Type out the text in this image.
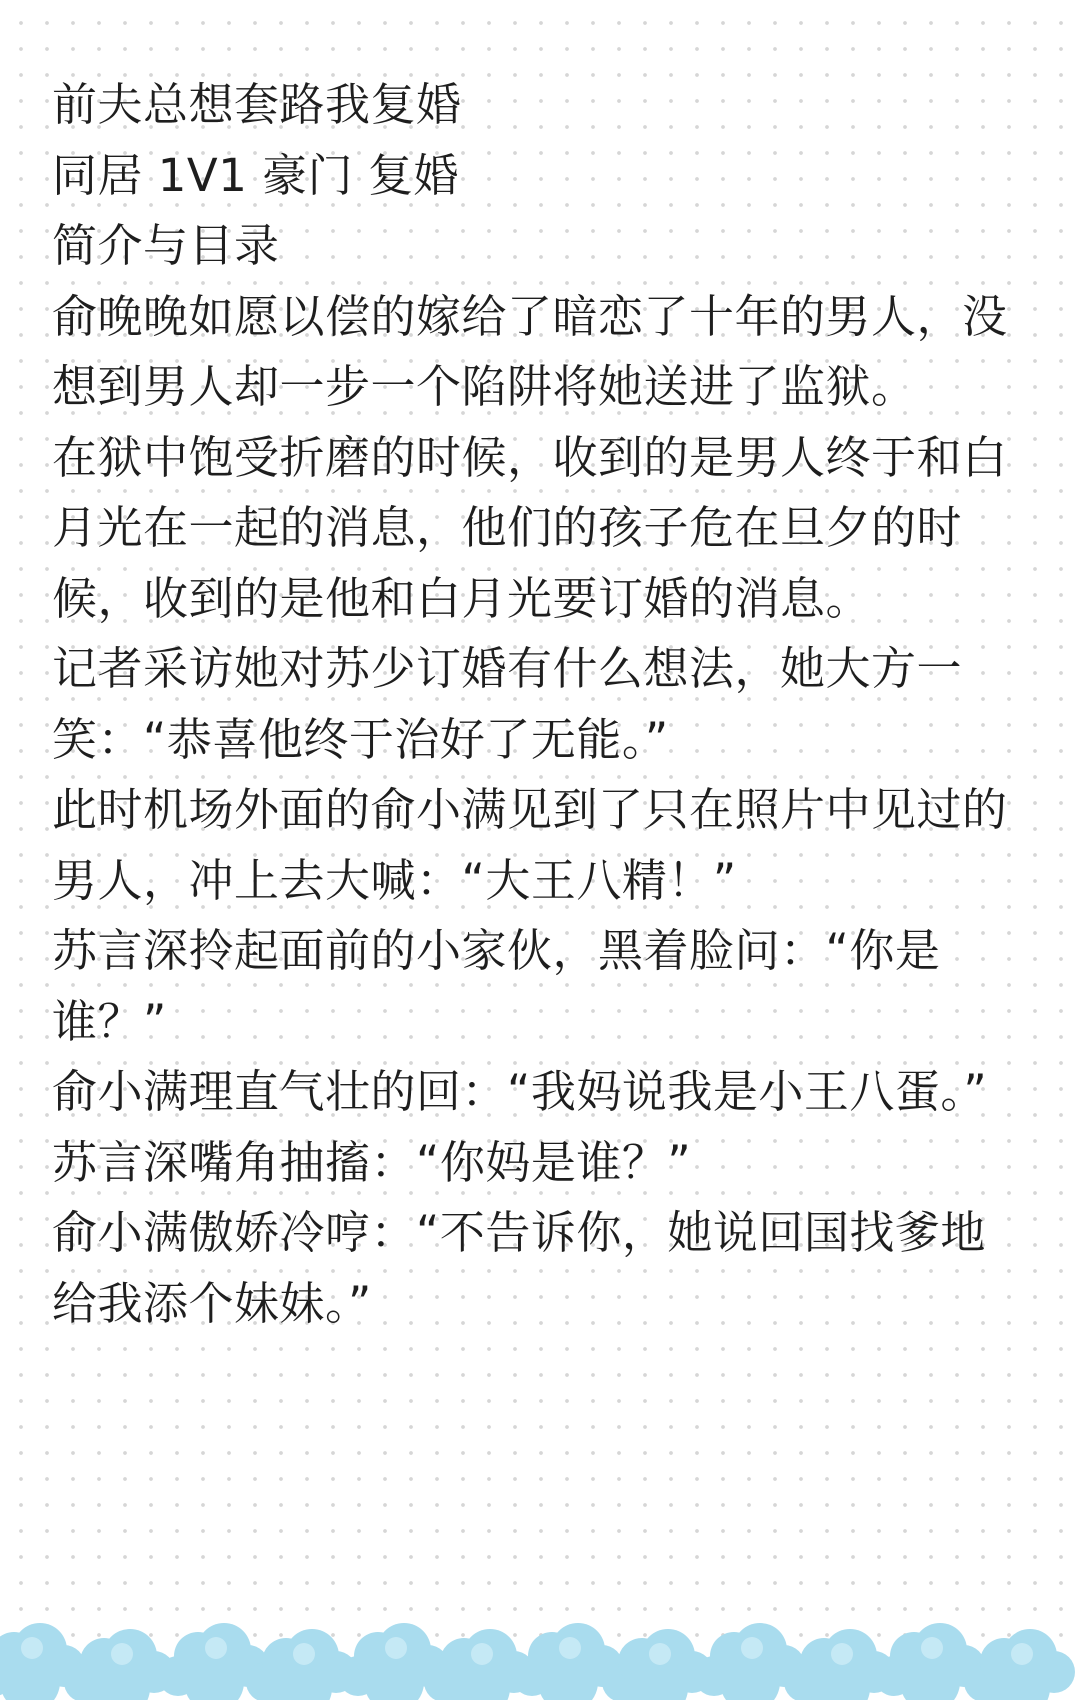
前夫总想套路我复婚

同居 1V1 豪门 复婚

简介与目录

俞晚晚如愿以偿的嫁给了暗恋了十年的男人，没想到男人却一步一个陷阱将她送进了监狱。

在狱中饱受折磨的时候，收到的是男人终于和白月光在一起的消息，他们的孩子危在旦夕的时候，收到的是他和白月光要订婚的消息。

记者采访她对苏少订婚有什么想法，她大方一笑：“恭喜他终于治好了无能。”

此时机场外面的俞小满见到了只在照片中见过的男人，冲上去大喊：“大王八精！”

苏言深拎起面前的小家伙，黑着脸问：“你是谁？”

俞小满理直气壮的回：“我妈说我是小王八蛋。”

苏言深嘴角抽搐：“你妈是谁？”

俞小满傲娇冷哼：“不告诉你，她说回国找爹地给我添个妹妹。”
